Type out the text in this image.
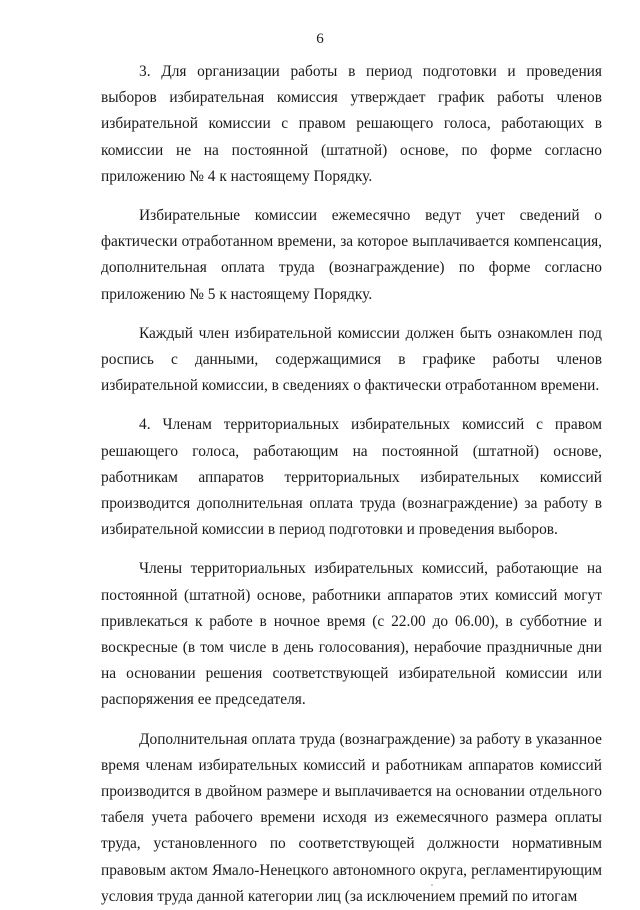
6

3. Для организации работы в период подготовки и проведения выборов избирательная комиссия утверждает график работы членов избирательной комиссии с правом решающего голоса, работающих в комиссии не на постоянной (штатной) основе, по форме согласно приложению № 4 к настоящему Порядку.

Избирательные комиссии ежемесячно ведут учет сведений о фактически отработанном времени, за которое выплачивается компенсация, дополнительная оплата труда (вознаграждение) по форме согласно приложению № 5 к настоящему Порядку.

Каждый член избирательной комиссии должен быть ознакомлен под роспись с данными, содержащимися в графике работы членов избирательной комиссии, в сведениях о фактически отработанном времени.

4. Членам территориальных избирательных комиссий с правом решающего голоса, работающим на постоянной (штатной) основе, работникам аппаратов территориальных избирательных комиссий производится дополнительная оплата труда (вознаграждение) за работу в избирательной комиссии в период подготовки и проведения выборов.

Члены территориальных избирательных комиссий, работающие на постоянной (штатной) основе, работники аппаратов этих комиссий могут привлекаться к работе в ночное время (с 22.00 до 06.00), в субботние и воскресные (в том числе в день голосования), нерабочие праздничные дни на основании решения соответствующей избирательной комиссии или распоряжения ее председателя.

Дополнительная оплата труда (вознаграждение) за работу в указанное время членам избирательных комиссий и работникам аппаратов комиссий производится в двойном размере и выплачивается на основании отдельного табеля учета рабочего времени исходя из ежемесячного размера оплаты труда, установленного по соответствующей должности нормативным правовым актом Ямало-Ненецкого автономного округа, регламентирующим условия труда данной категории лиц (за исключением премий по итогам
